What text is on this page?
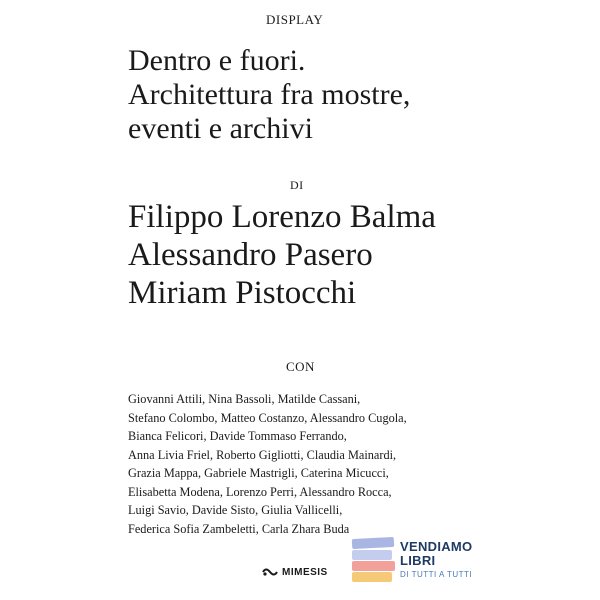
DISPLAY
Dentro e fuori.
Architettura fra mostre,
eventi e archivi
DI
Filippo Lorenzo Balma
Alessandro Pasero
Miriam Pistocchi
CON
Giovanni Attili, Nina Bassoli, Matilde Cassani,
Stefano Colombo, Matteo Costanzo, Alessandro Cugola,
Bianca Felicori, Davide Tommaso Ferrando,
Anna Livia Friel, Roberto Gigliotti, Claudia Mainardi,
Grazia Mappa, Gabriele Mastrigli, Caterina Micucci,
Elisabetta Modena, Lorenzo Perri, Alessandro Rocca,
Luigi Savio, Davide Sisto, Giulia Vallicelli,
Federica Sofia Zambeletti, Carla Zhara Buda
MIMESIS
VENDIAMO
LIBRI
DI TUTTI A TUTTI
